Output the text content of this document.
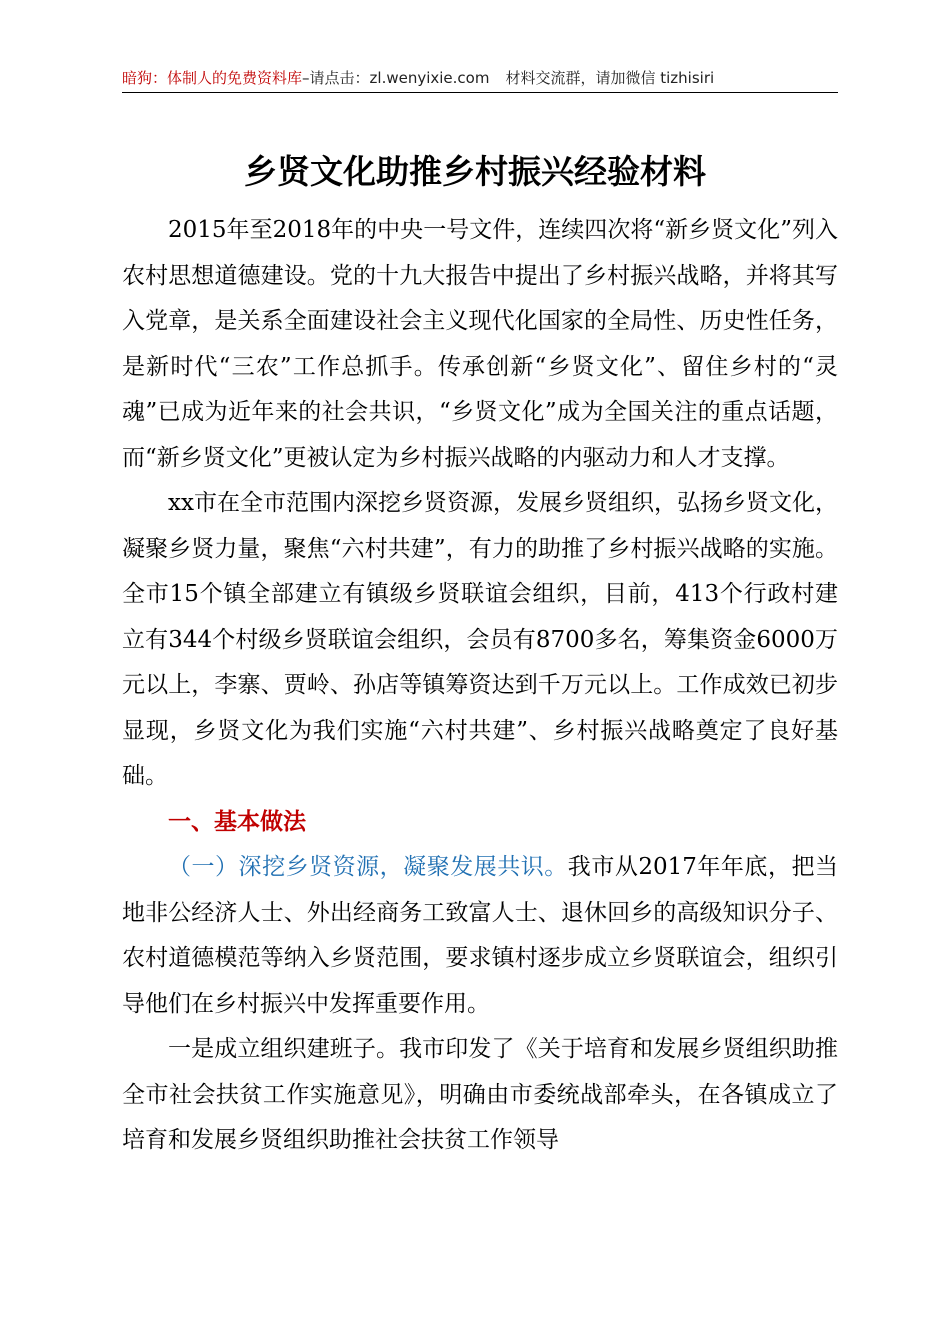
暗狗：体制人的免费资料库–请点击：zl.wenyixie.com 材料交流群，请加微信 tizhisiri
乡贤文化助推乡村振兴经验材料

2015年至2018年的中央一号文件，连续四次将“新乡贤文化”列入农村思想道德建设。党的十九大报告中提出了乡村振兴战略，并将其写入党章，是关系全面建设社会主义现代化国家的全局性、历史性任务，是新时代“三农”工作总抓手。传承创新“乡贤文化”、留住乡村的“灵魂”已成为近年来的社会共识，“乡贤文化”成为全国关注的重点话题，而“新乡贤文化”更被认定为乡村振兴战略的内驱动力和人才支撑。

xx市在全市范围内深挖乡贤资源，发展乡贤组织，弘扬乡贤文化，凝聚乡贤力量，聚焦“六村共建”，有力的助推了乡村振兴战略的实施。全市15个镇全部建立有镇级乡贤联谊会组织，目前，413个行政村建立有344个村级乡贤联谊会组织，会员有8700多名，筹集资金6000万元以上，李寨、贾岭、孙店等镇筹资达到千万元以上。工作成效已初步显现，乡贤文化为我们实施“六村共建”、乡村振兴战略奠定了良好基础。

一、基本做法

（一）深挖乡贤资源，凝聚发展共识。我市从2017年年底，把当地非公经济人士、外出经商务工致富人士、退休回乡的高级知识分子、农村道德模范等纳入乡贤范围，要求镇村逐步成立乡贤联谊会，组织引导他们在乡村振兴中发挥重要作用。

一是成立组织建班子。我市印发了《关于培育和发展乡贤组织助推全市社会扶贫工作实施意见》，明确由市委统战部牵头，在各镇成立了培育和发展乡贤组织助推社会扶贫工作领导
